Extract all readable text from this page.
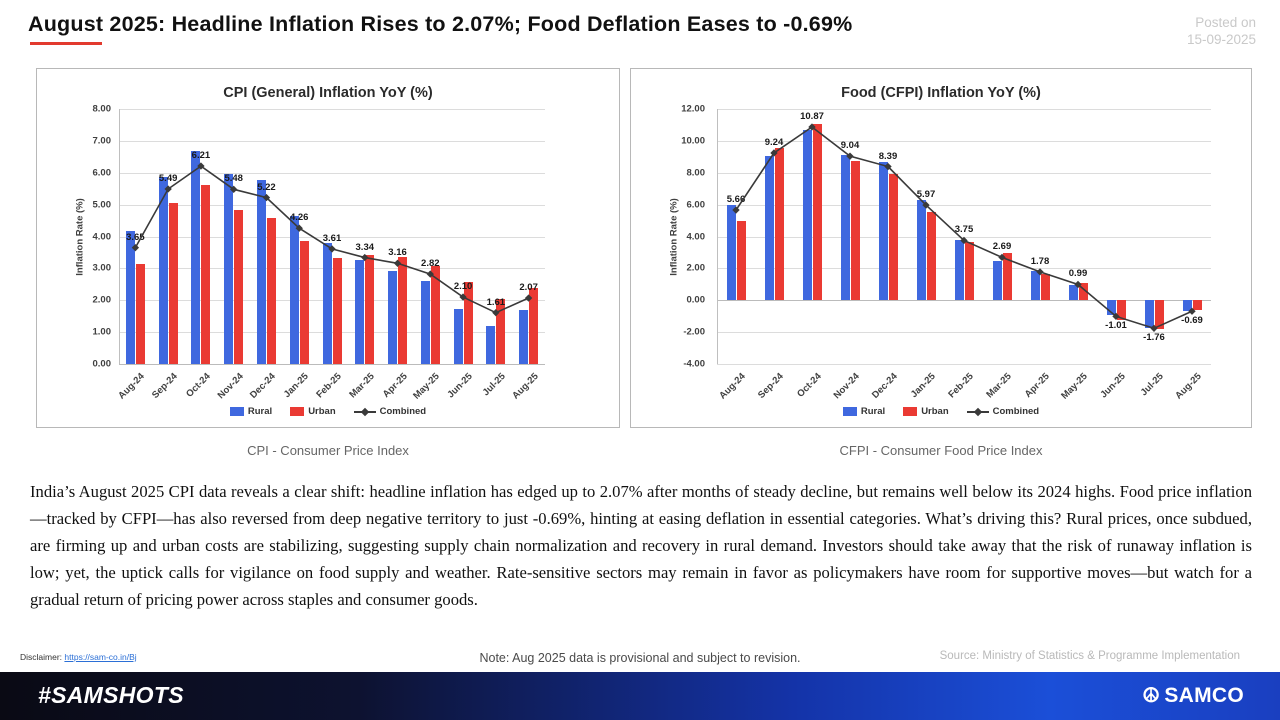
August 2025: Headline Inflation Rises to 2.07%; Food Deflation Eases to -0.69%	Posted on
15-09-2025
CPI (General) Inflation YoY (%)
Inflation Rate (%)
0.00
1.00
2.00
3.00
4.00
5.00
6.00
7.00
8.00
3.65
5.49
6.21
5.48
5.22
4.26
3.61
3.34
3.16
2.82
2.10
1.61
2.07
Aug-24 Sep-24 Oct-24 Nov-24 Dec-24 Jan-25 Feb-25 Mar-25 Apr-25 May-25 Jun-25 Jul-25 Aug-25
Rural	Urban	Combined
Food (CFPI) Inflation YoY (%)
Inflation Rate (%)
-4.00
-2.00
0.00
2.00
4.00
6.00
8.00
10.00
12.00
5.66
9.24
10.87
9.04
8.39
5.97
3.75
2.69
1.78
0.99
-1.01
-1.76
-0.69
Aug-24 Sep-24 Oct-24 Nov-24 Dec-24 Jan-25 Feb-25 Mar-25 Apr-25 May-25 Jun-25	Jul-25 Aug-25
Rural	Urban	Combined
CPI - Consumer Price Index	CFPI - Consumer Food Price Index
India’s August 2025 CPI data reveals a clear shift: headline inflation has edged up to 2.07% after months of steady decline, but remains well below its 2024 highs. Food price inflation—tracked by CFPI—has also reversed from deep negative territory to just -0.69%, hinting at easing deflation in essential categories. What’s driving this? Rural prices, once subdued, are firming up and urban costs are stabilizing, suggesting supply chain normalization and recovery in rural demand. Investors should take away that the risk of runaway inflation is low; yet, the uptick calls for vigilance on food supply and weather. Rate-sensitive sectors may remain in favor as policymakers have room for supportive moves—but watch for a gradual return of pricing power across staples and consumer goods.
Disclaimer: https://sam-co.in/Bj	Note: Aug 2025 data is provisional and subject to revision.	Source: Ministry of Statistics & Programme Implementation
#SAMSHOTS	☮ SAMCO
